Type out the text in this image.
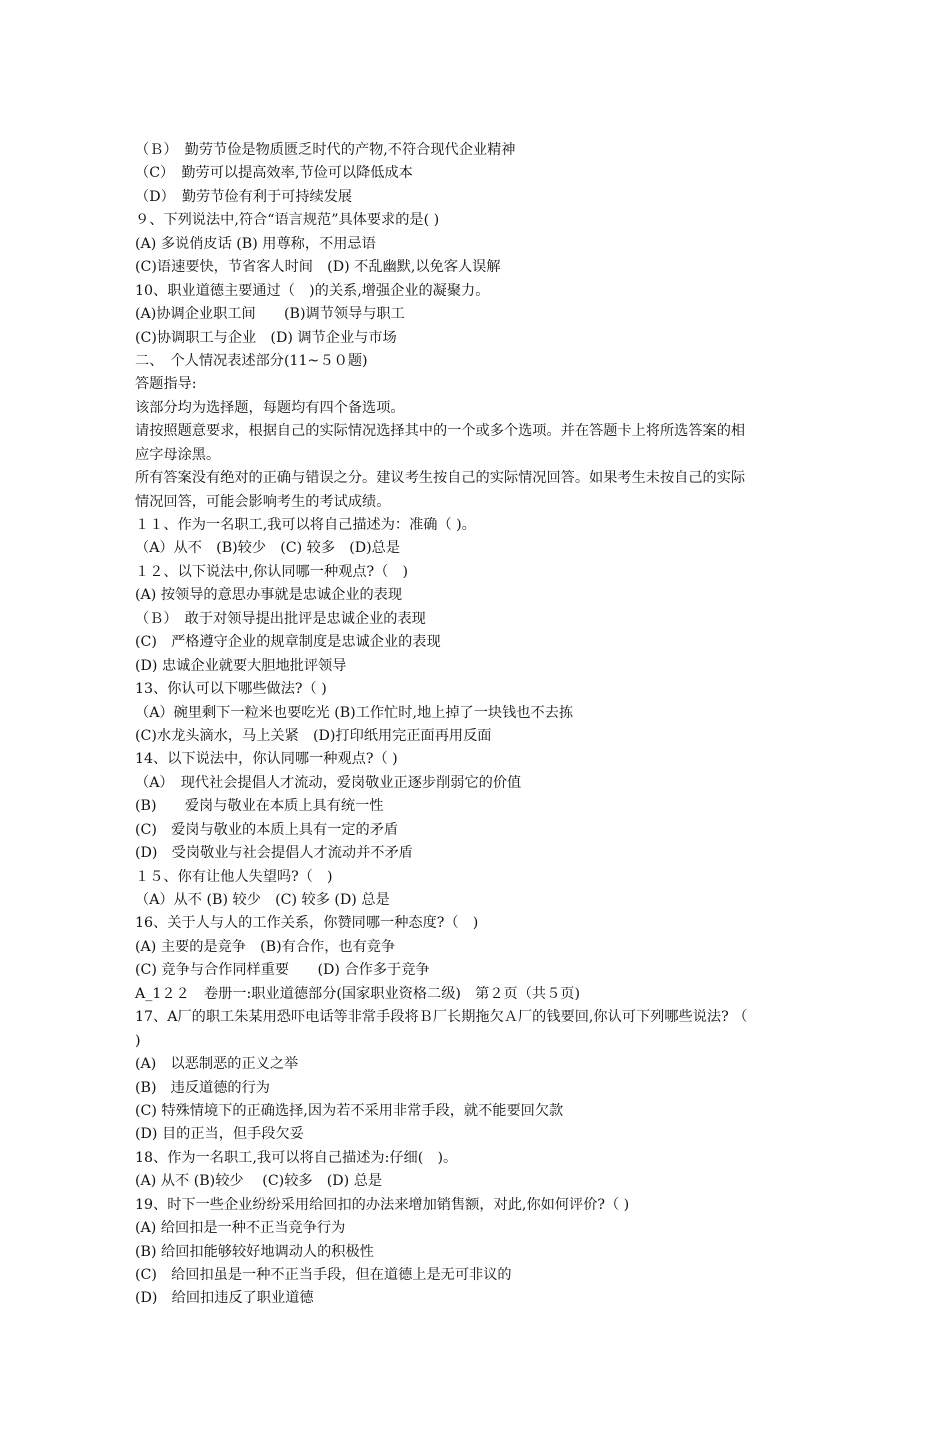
（Ｂ）　勤劳节俭是物质匮乏时代的产物,不符合现代企业精神
（C）　勤劳可以提高效率,节俭可以降低成本
（D）　勤劳节俭有利于可持续发展
９、下列说法中,符合“语言规范”具体要求的是( )
(A) 多说俏皮话 (B) 用尊称，不用忌语
(C)语速要快，节省客人时间　(D) 不乱幽默,以免客人误解
10、职业道德主要通过（　)的关系,增强企业的凝聚力。
(A)协调企业职工间　　(B)调节领导与职工
(C)协调职工与企业　(D) 调节企业与市场
二、　个人情况表述部分(11~５０题)
答题指导:
该部分均为选择题，每题均有四个备选项。
请按照题意要求，根据自己的实际情况选择其中的一个或多个选项。并在答题卡上将所选答案的相
应字母涂黑。
所有答案没有绝对的正确与错误之分。建议考生按自己的实际情况回答。如果考生未按自己的实际
情况回答，可能会影响考生的考试成绩。
１１、作为一名职工,我可以将自己描述为：准确（ )。
（A）从不　(B)较少　(C) 较多　(D)总是
１２、以下说法中,你认同哪一种观点?（　)
(A) 按领导的意思办事就是忠诚企业的表现
（Ｂ）　敢于对领导提出批评是忠诚企业的表现
(C)　严格遵守企业的规章制度是忠诚企业的表现
(D) 忠诚企业就要大胆地批评领导
13、你认可以下哪些做法?（ )
（A）碗里剩下一粒米也要吃光 (B)工作忙时,地上掉了一块钱也不去拣
(C)水龙头滴水，马上关紧　(D)打印纸用完正面再用反面
14、以下说法中，你认同哪一种观点?（ )
（A）　现代社会提倡人才流动，爱岗敬业正逐步削弱它的价值
(B)　　爱岗与敬业在本质上具有统一性
(C)　爱岗与敬业的本质上具有一定的矛盾
(D)　受岗敬业与社会提倡人才流动并不矛盾
１５、你有让他人失望吗?（　)
（A）从不 (B) 较少　(C) 较多 (D) 总是
16、关于人与人的工作关系，你赞同哪一种态度?（　)
(A) 主要的是竞争　(B)有合作，也有竞争
(C) 竞争与合作同样重要　　(D) 合作多于竞争
A_1２２　卷册一:职业道德部分(国家职业资格二级)　第２页（共５页)
17、A厂的职工朱某用恐吓电话等非常手段将Ｂ厂长期拖欠Ａ厂的钱要回,你认可下列哪些说法? （
)
(A)　以恶制恶的正义之举
(B)　违反道德的行为
(C) 特殊情境下的正确选择,因为若不采用非常手段，就不能要回欠款
(D) 目的正当，但手段欠妥
18、作为一名职工,我可以将自己描述为:仔细(　)。
(A) 从不 (B)较少　 (C)较多　(D) 总是
19、时下一些企业纷纷采用给回扣的办法来增加销售额，对此,你如何评价?（ )
(A) 给回扣是一种不正当竞争行为
(B) 给回扣能够较好地调动人的积极性
(C)　给回扣虽是一种不正当手段，但在道德上是无可非议的
(D)　给回扣违反了职业道德
